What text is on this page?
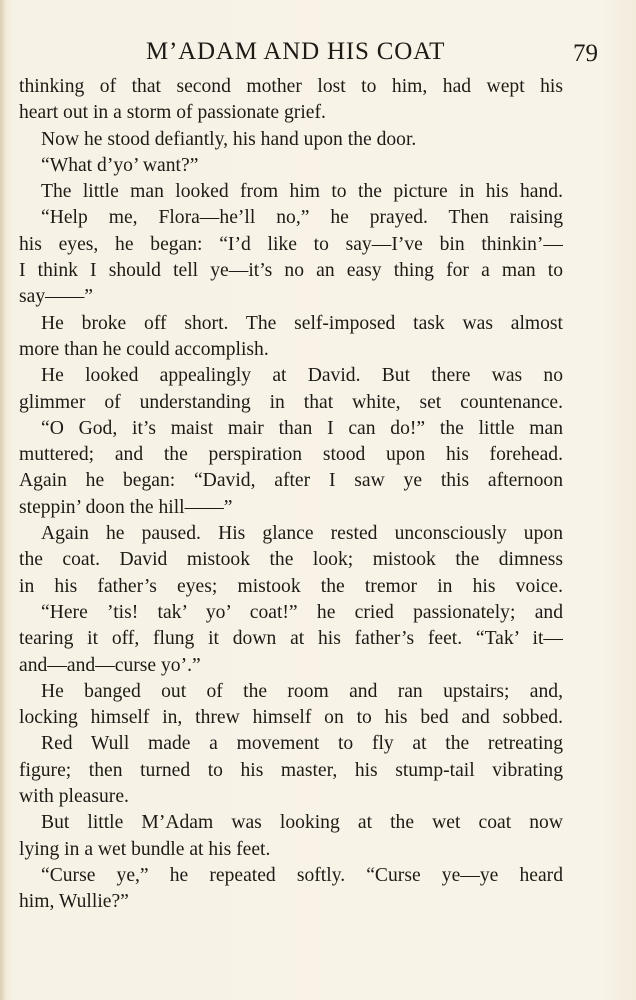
M’ADAM AND HIS COAT	79
thinking of that second mother lost to him, had wept his
heart out in a storm of passionate grief.
Now he stood defiantly, his hand upon the door.
“What d’yo’ want?”
The little man looked from him to the picture in his hand.
“Help me, Flora—he’ll no,” he prayed. Then raising
his eyes, he began: “I’d like to say—I’ve bin thinkin’—
I think I should tell ye—it’s no an easy thing for a man to
say——”
He broke off short. The self-imposed task was almost
more than he could accomplish.
He looked appealingly at David. But there was no
glimmer of understanding in that white, set countenance.
“O God, it’s maist mair than I can do!” the little man
muttered; and the perspiration stood upon his forehead.
Again he began: “David, after I saw ye this afternoon
steppin’ doon the hill——”
Again he paused. His glance rested unconsciously upon
the coat. David mistook the look; mistook the dimness
in his father’s eyes; mistook the tremor in his voice.
“Here ’tis! tak’ yo’ coat!” he cried passionately; and
tearing it off, flung it down at his father’s feet. “Tak’ it—
and—and—curse yo’.”
He banged out of the room and ran upstairs; and,
locking himself in, threw himself on to his bed and sobbed.
Red Wull made a movement to fly at the retreating
figure; then turned to his master, his stump-tail vibrating
with pleasure.
But little M’Adam was looking at the wet coat now
lying in a wet bundle at his feet.
“Curse ye,” he repeated softly. “Curse ye—ye heard
him, Wullie?”
